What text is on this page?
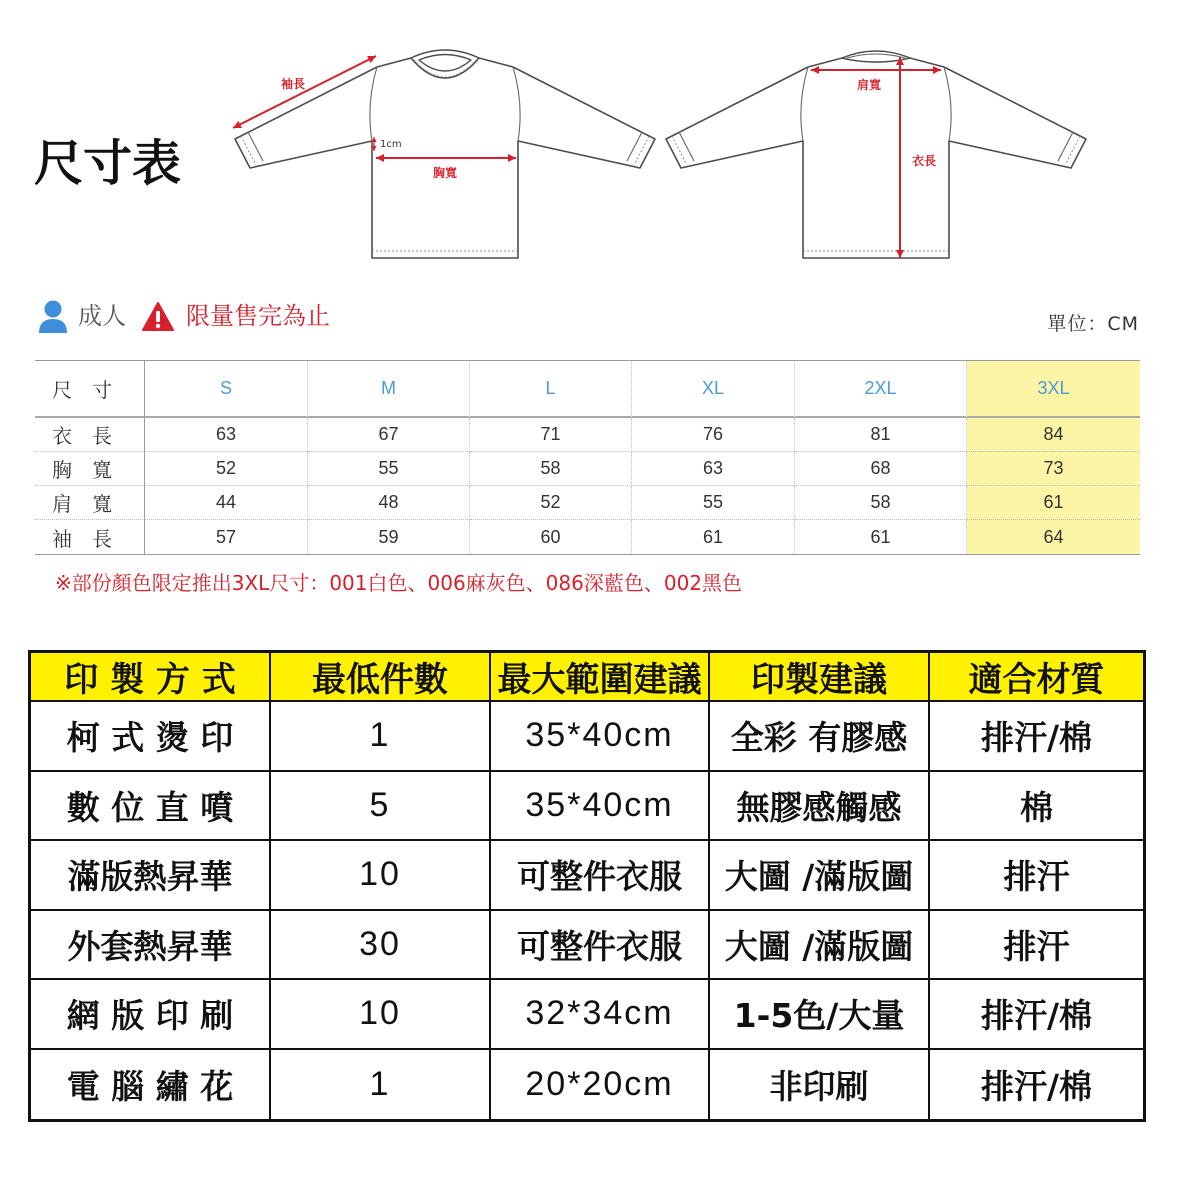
尺寸表
袖長
1cm
胸寬
肩寬
衣長
成人	限量售完為止	單位：CM
尺　寸	S	M	L	XL	2XL	3XL
衣　長	63	67	71	76	81	84
胸　寬	52	55	58	63	68	73
肩　寬	44	48	52	55	58	61
袖　長	57	59	60	61	61	64
※部份顏色限定推出3XL尺寸：001白色、006麻灰色、086深藍色、002黑色
印 製 方 式	最低件數	最大範圍建議	印製建議	適合材質
柯 式 燙 印	1	35*40cm	全彩 有膠感	排汗/棉
數 位 直 噴	5	35*40cm	無膠感觸感	棉
滿版熱昇華	10	可整件衣服	大圖 /滿版圖	排汗
外套熱昇華	30	可整件衣服	大圖 /滿版圖	排汗
網 版 印 刷	10	32*34cm	1-5色/大量	排汗/棉
電 腦 繡 花	1	20*20cm	非印刷	排汗/棉
